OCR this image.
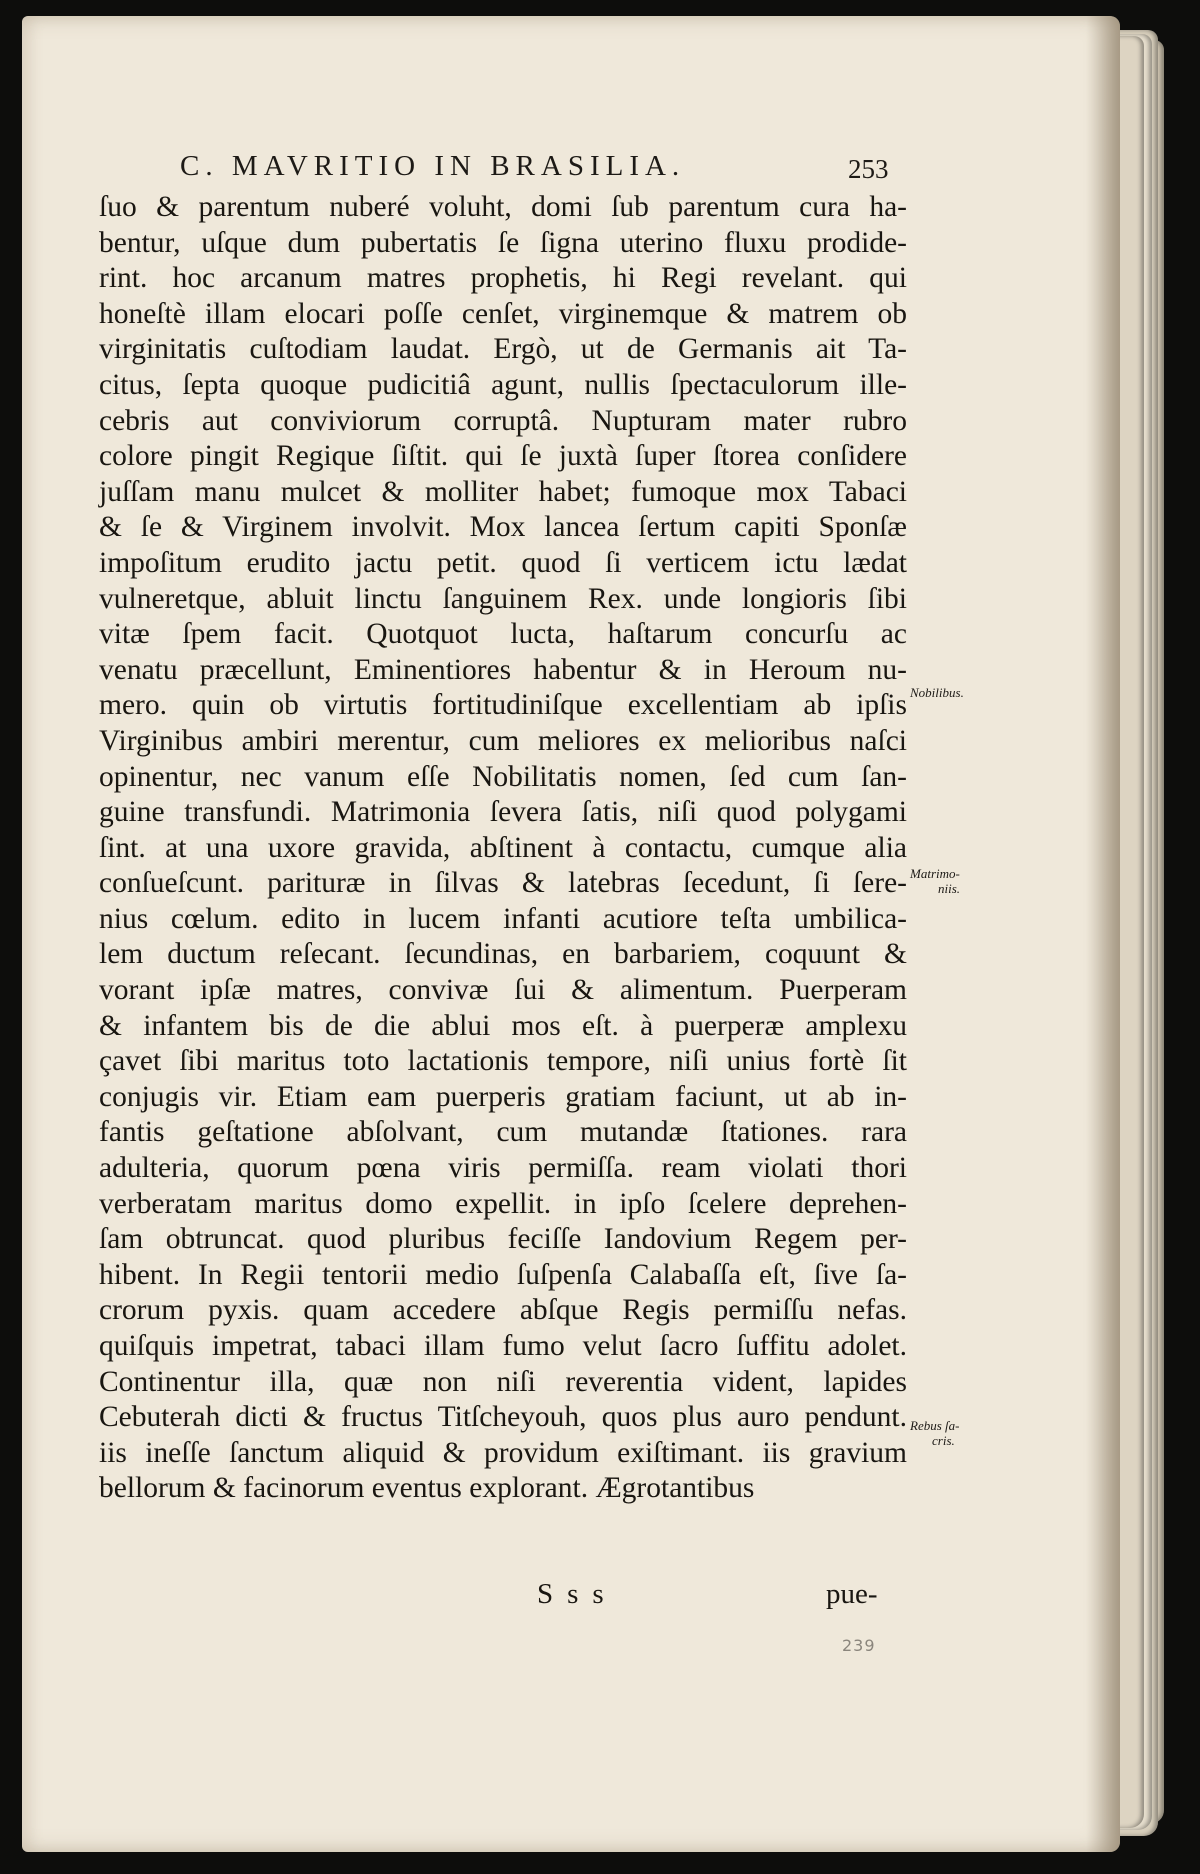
C. MAVRITIO IN BRASILIA.	253
ſuo & parentum nuberé voluht, domi ſub parentum cura ha-
bentur, uſque dum pubertatis ſe ſigna uterino fluxu prodide-
rint. hoc arcanum matres prophetis, hi Regi revelant. qui
honeſtè illam elocari poſſe cenſet, virginemque & matrem ob
virginitatis cuſtodiam laudat. Ergò, ut de Germanis ait Ta-
citus, ſepta quoque pudicitiâ agunt, nullis ſpectaculorum ille-
cebris aut conviviorum corruptâ. Nupturam mater rubro
colore pingit Regique ſiſtit. qui ſe juxtà ſuper ſtorea conſidere
juſſam manu mulcet & molliter habet; fumoque mox Tabaci
& ſe & Virginem involvit. Mox lancea ſertum capiti Sponſæ
impoſitum erudito jactu petit. quod ſi verticem ictu lædat
vulneretque, abluit linctu ſanguinem Rex. unde longioris ſibi
vitæ ſpem facit. Quotquot lucta, haſtarum concurſu ac
venatu præcellunt, Eminentiores habentur & in Heroum nu-
mero. quin ob virtutis fortitudiniſque excellentiam ab ipſis
Virginibus ambiri merentur, cum meliores ex melioribus naſci
opinentur, nec vanum eſſe Nobilitatis nomen, ſed cum ſan-
guine transfundi. Matrimonia ſevera ſatis, niſi quod polygami
ſint. at una uxore gravida, abſtinent à contactu, cumque alia
conſueſcunt. parituræ in ſilvas & latebras ſecedunt, ſi ſere-
nius cœlum. edito in lucem infanti acutiore teſta umbilica-
lem ductum reſecant. ſecundinas, en barbariem, coquunt &
vorant ipſæ matres, convivæ ſui & alimentum. Puerperam
& infantem bis de die ablui mos eſt. à puerperæ amplexu
çavet ſibi maritus toto lactationis tempore, niſi unius fortè ſit
conjugis vir. Etiam eam puerperis gratiam faciunt, ut ab in-
fantis geſtatione abſolvant, cum mutandæ ſtationes. rara
adulteria, quorum pœna viris permiſſa. ream violati thori
verberatam maritus domo expellit. in ipſo ſcelere deprehen-
ſam obtruncat. quod pluribus feciſſe Iandovium Regem per-
hibent. In Regii tentorii medio ſuſpenſa Calabaſſa eſt, ſive ſa-
crorum pyxis. quam accedere abſque Regis permiſſu nefas.
quiſquis impetrat, tabaci illam fumo velut ſacro ſuffitu adolet.
Continentur illa, quæ non niſi reverentia vident, lapides
Cebuterah dicti & fructus Titſcheyouh, quos plus auro pendunt.
iis ineſſe ſanctum aliquid & providum exiſtimant. iis gravium
bellorum & facinorum eventus explorant. Ægrotantibus
Nobilibus.
Matrimo-
niis.
Rebus ſa-
cris.
Sss	pue-
239
